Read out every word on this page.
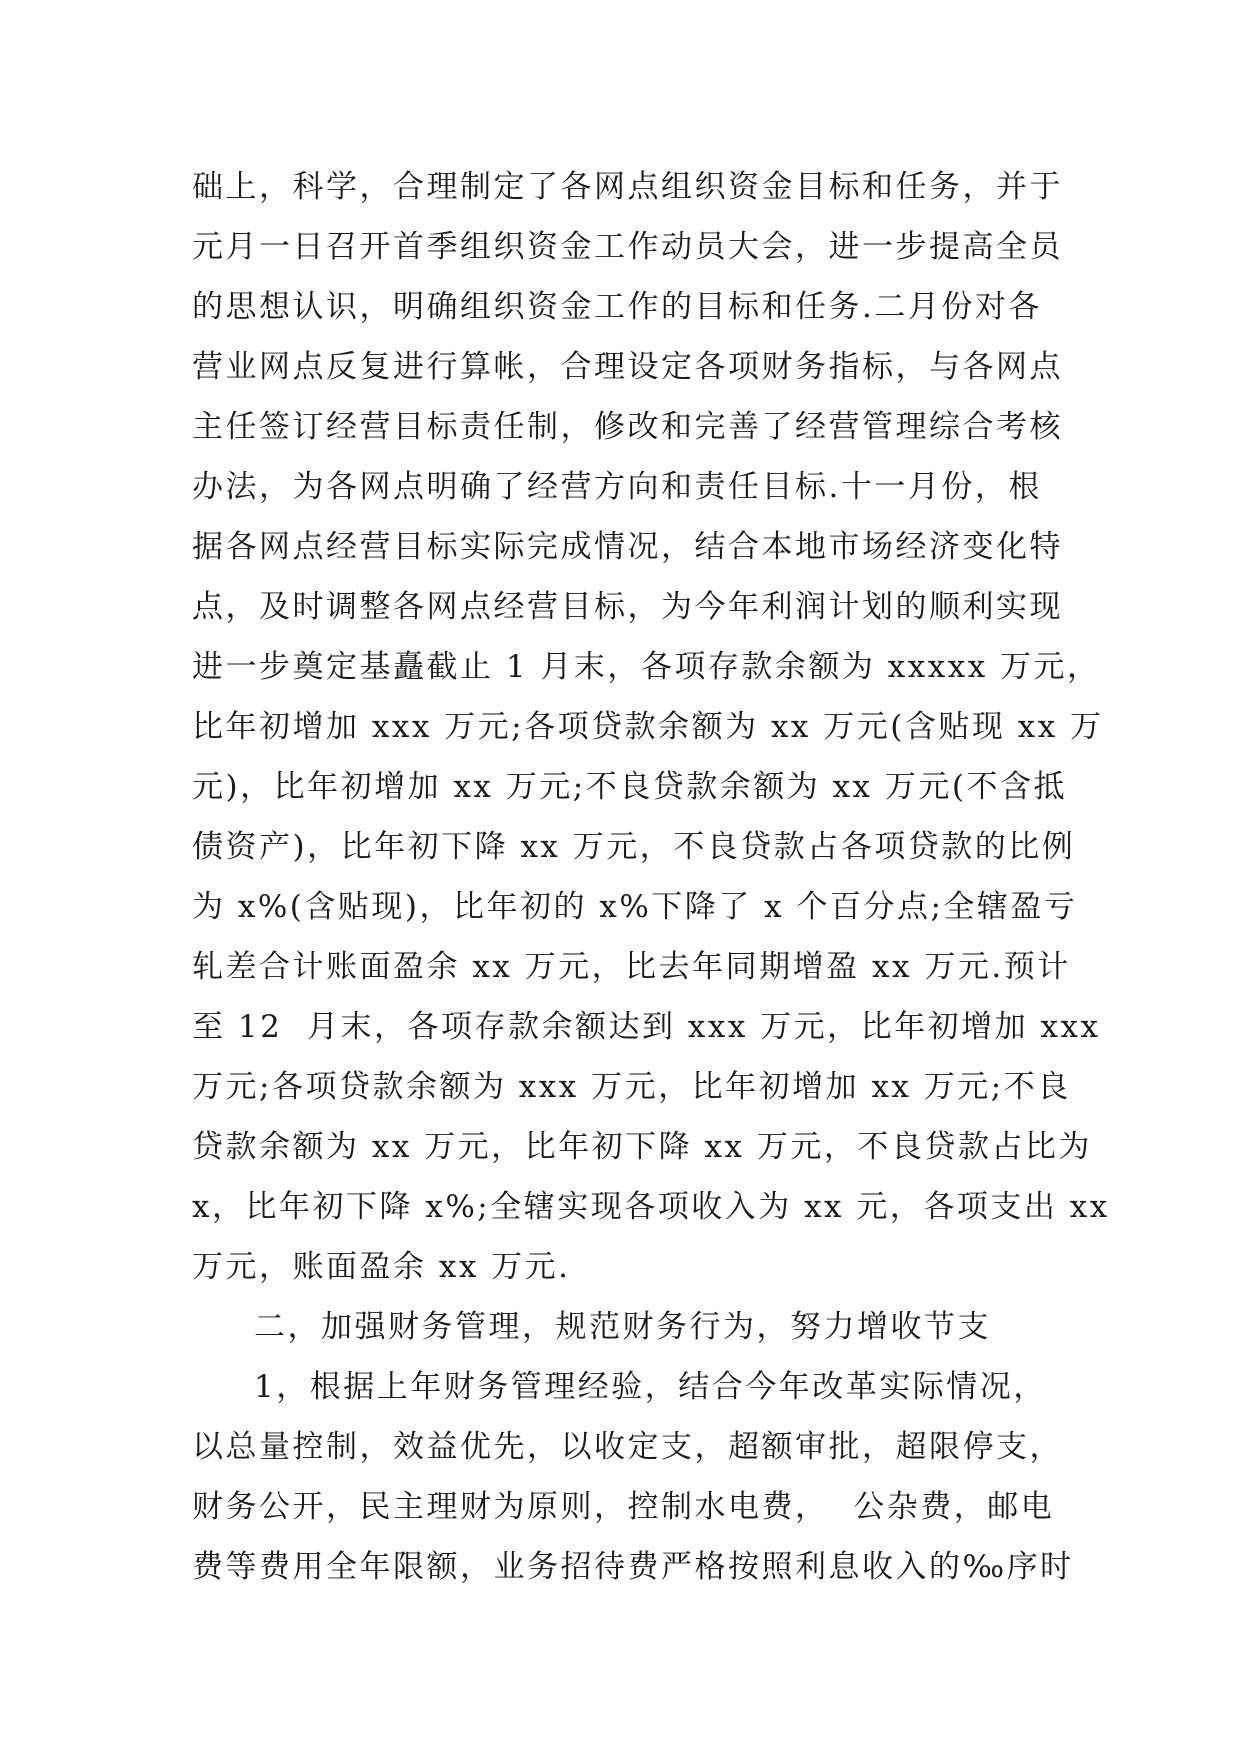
础上，科学，合理制定了各网点组织资金目标和任务，并于
元月一日召开首季组织资金工作动员大会，进一步提高全员
的思想认识，明确组织资金工作的目标和任务.二月份对各
营业网点反复进行算帐，合理设定各项财务指标，与各网点
主任签订经营目标责任制，修改和完善了经营管理综合考核
办法，为各网点明确了经营方向和责任目标.十一月份，根
据各网点经营目标实际完成情况，结合本地市场经济变化特
点，及时调整各网点经营目标，为今年利润计划的顺利实现
进一步奠定基矗截止 1 月末，各项存款余额为 xxxxx 万元，
比年初增加 xxx 万元;各项贷款余额为 xx 万元(含贴现 xx 万
元)，比年初增加 xx 万元;不良贷款余额为 xx 万元(不含抵
债资产)，比年初下降 xx 万元，不良贷款占各项贷款的比例
为 x%(含贴现)，比年初的 x%下降了 x 个百分点;全辖盈亏
轧差合计账面盈余 xx 万元，比去年同期增盈 xx 万元.预计
至 12  月末，各项存款余额达到 xxx 万元，比年初增加 xxx
万元;各项贷款余额为 xxx 万元，比年初增加 xx 万元;不良
贷款余额为 xx 万元，比年初下降 xx 万元，不良贷款占比为
x，比年初下降 x%;全辖实现各项收入为 xx 元，各项支出 xx
万元，账面盈余 xx 万元.
二，加强财务管理，规范财务行为，努力增收节支
1，根据上年财务管理经验，结合今年改革实际情况，
以总量控制，效益优先，以收定支，超额审批，超限停支，
财务公开，民主理财为原则，控制水电费，  公杂费，邮电
费等费用全年限额，业务招待费严格按照利息收入的‰序时
